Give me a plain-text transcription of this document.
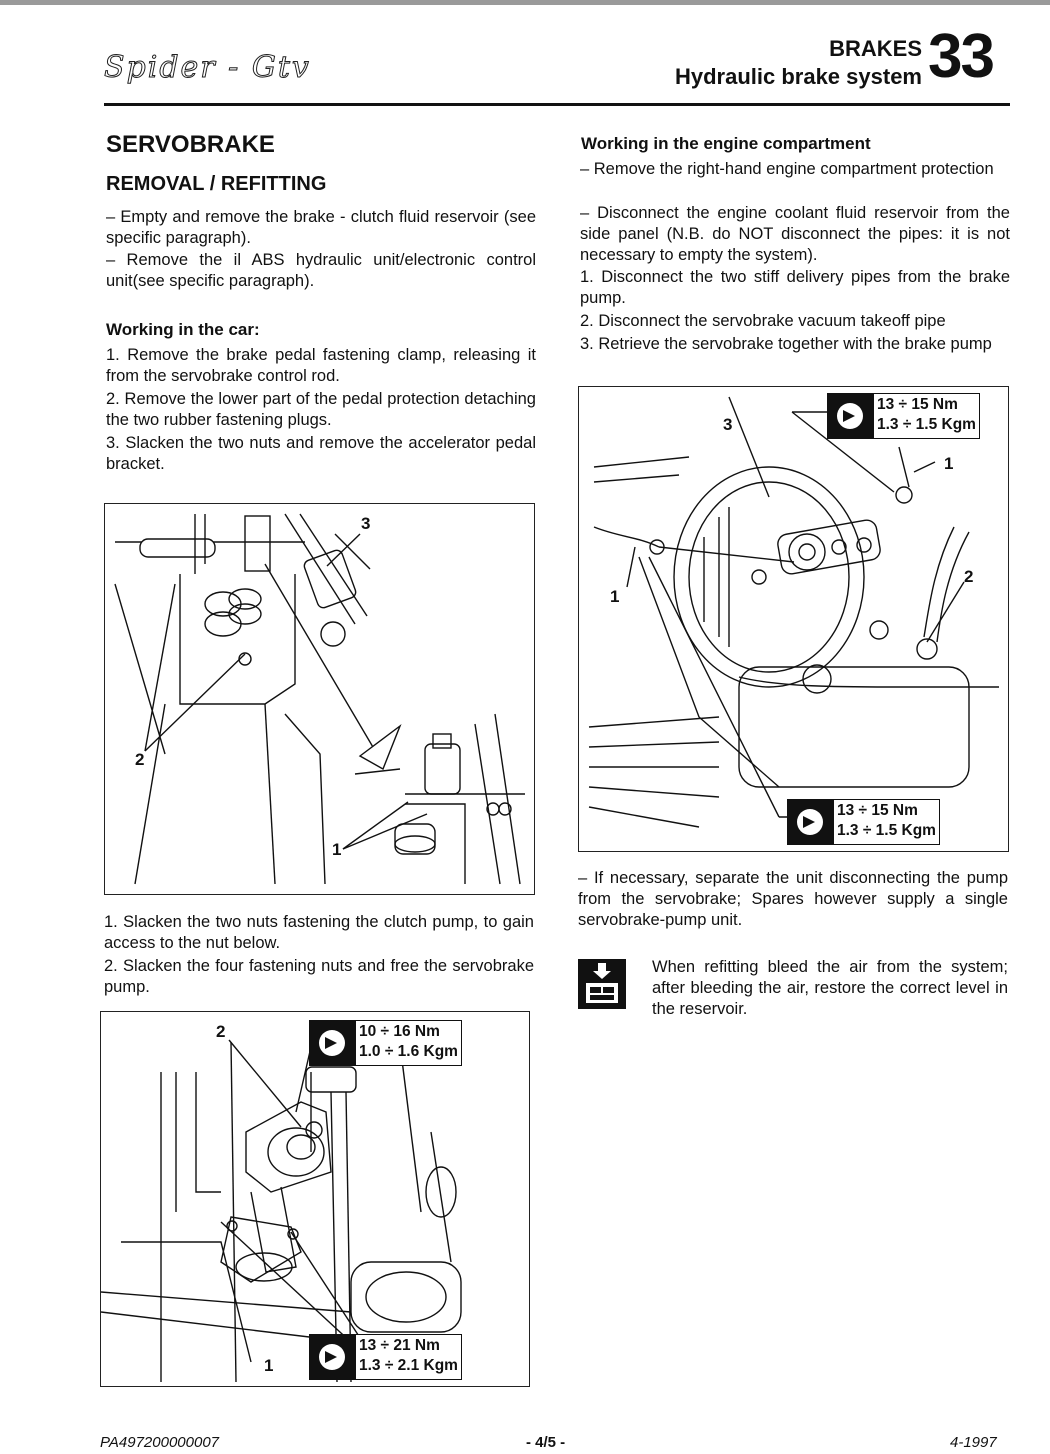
Spider - Gtv
BRAKES
Hydraulic brake system 33
SERVOBRAKE
REMOVAL / REFITTING
– Empty and remove the brake - clutch fluid reservoir (see specific paragraph).
– Remove the il ABS hydraulic unit/electronic control unit(see specific paragraph).
Working in the car:
1. Remove the brake pedal fastening clamp, releasing it from the servobrake control rod.
2. Remove the lower part of the pedal protection detaching the two rubber fastening plugs.
3. Slacken the two nuts and remove the accelerator pedal bracket.
3
2
1
1. Slacken the two nuts fastening the clutch pump, to gain access to the nut below.
2. Slacken the four fastening nuts and free the servobrake pump.
2
1
10 ÷ 16 Nm
1.0 ÷ 1.6 Kgm
13 ÷ 21 Nm
1.3 ÷ 2.1 Kgm
Working in the engine compartment
– Remove the right-hand engine compartment protection
– Disconnect the engine coolant fluid reservoir from the side panel (N.B. do NOT disconnect the pipes: it is not necessary to empty the system).
1. Disconnect the two stiff delivery pipes from the brake pump.
2. Disconnect the servobrake vacuum takeoff pipe
3. Retrieve the servobrake together with the brake pump
3
1
1
2
13 ÷ 15 Nm
1.3 ÷ 1.5 Kgm
13 ÷ 15 Nm
1.3 ÷ 1.5 Kgm
– If necessary, separate the unit disconnecting the pump from the servobrake; Spares however supply a single servobrake-pump unit.
When refitting bleed the air from the system; after bleeding the air, restore the correct level in the reservoir.
PA497200000007	- 4/5 -	4-1997
